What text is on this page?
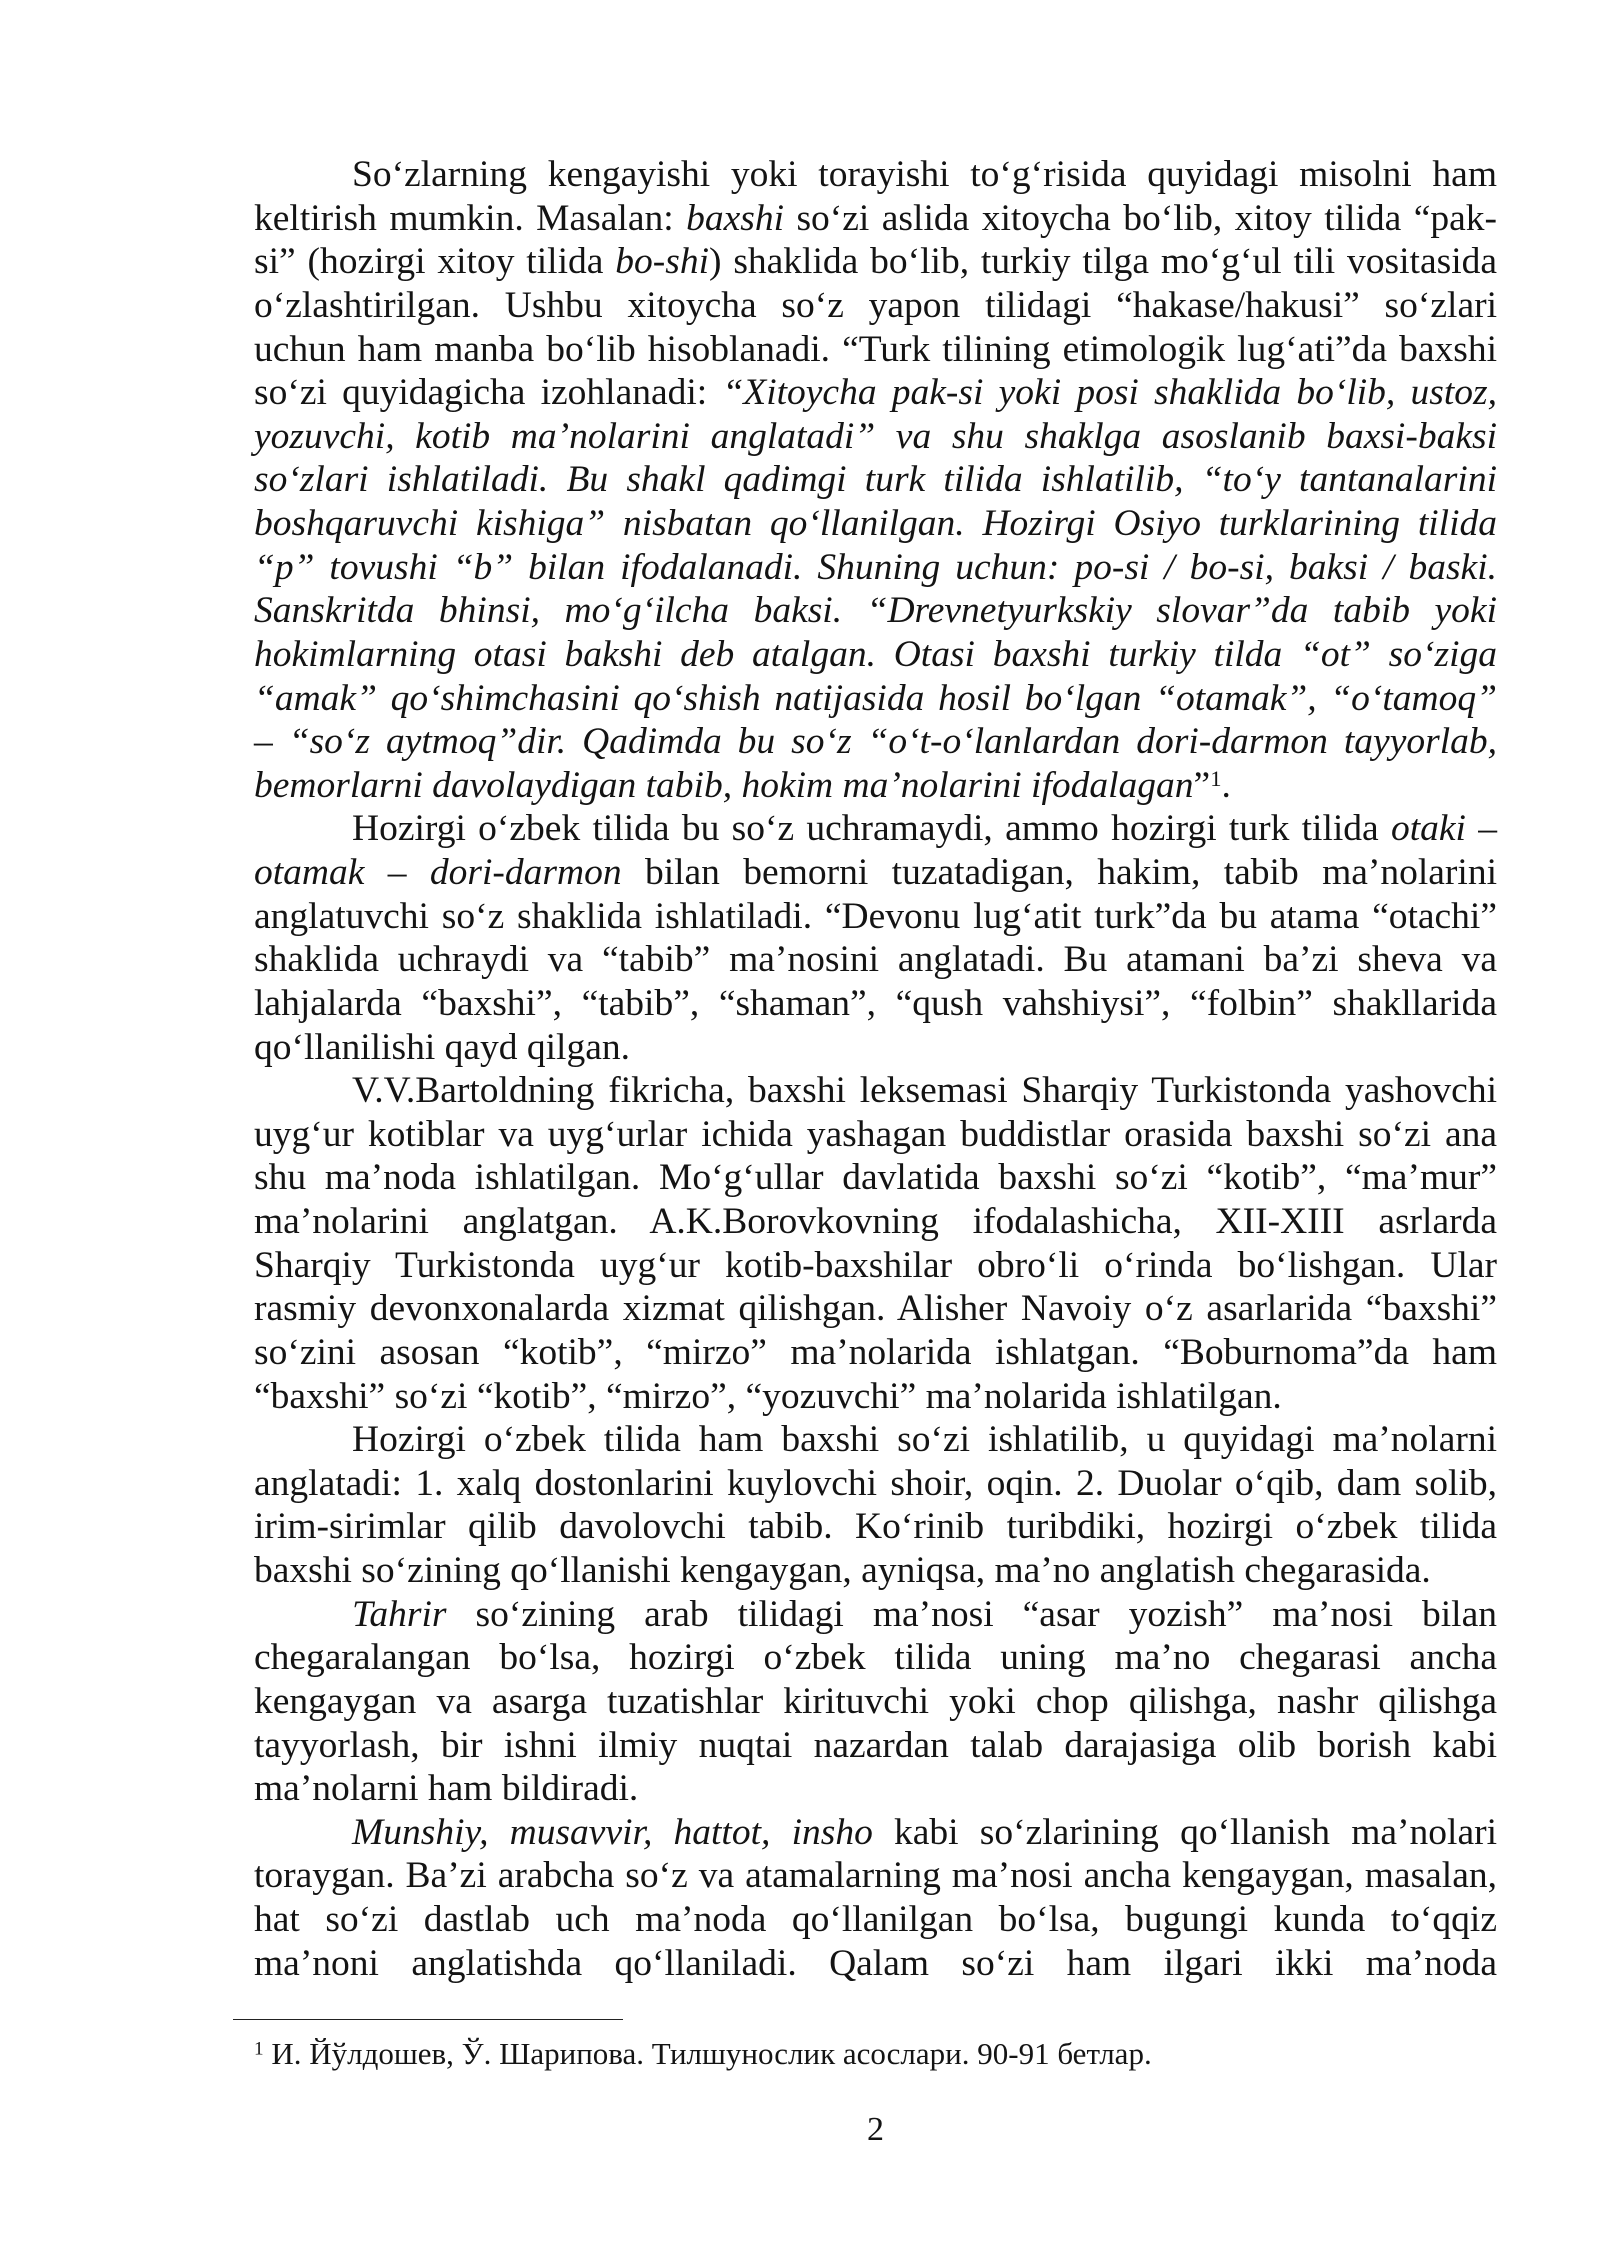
So‘zlarning kengayishi yoki torayishi to‘g‘risida quyidagi misolni ham
keltirish mumkin. Masalan: baxshi so‘zi aslida xitoycha bo‘lib, xitoy tilida “pak-
si” (hozirgi xitoy tilida bo-shi) shaklida bo‘lib, turkiy tilga mo‘g‘ul tili vositasida
o‘zlashtirilgan. Ushbu xitoycha so‘z yapon tilidagi “hakase/hakusi” so‘zlari
uchun ham manba bo‘lib hisoblanadi. “Turk tilining etimologik lug‘ati”da baxshi
so‘zi quyidagicha izohlanadi: “Xitoycha pak-si yoki posi shaklida bo‘lib, ustoz,
yozuvchi, kotib ma’nolarini anglatadi” va shu shaklga asoslanib baxsi-baksi
so‘zlari ishlatiladi. Bu shakl qadimgi turk tilida ishlatilib, “to‘y tantanalarini
boshqaruvchi kishiga” nisbatan qo‘llanilgan. Hozirgi Osiyo turklarining tilida
“p” tovushi “b” bilan ifodalanadi. Shuning uchun: po-si / bo-si, baksi / baski.
Sanskritda bhinsi, mo‘g‘ilcha baksi. “Drevnetyurkskiy slovar”da tabib yoki
hokimlarning otasi bakshi deb atalgan. Otasi baxshi turkiy tilda “ot” so‘ziga
“amak” qo‘shimchasini qo‘shish natijasida hosil bo‘lgan “otamak”, “o‘tamoq”
– “so‘z aytmoq”dir. Qadimda bu so‘z “o‘t-o‘lanlardan dori-darmon tayyorlab,
bemorlarni davolaydigan tabib, hokim ma’nolarini ifodalagan”$^1$.
Hozirgi o‘zbek tilida bu so‘z uchramaydi, ammo hozirgi turk tilida otaki –
otamak – dori-darmon bilan bemorni tuzatadigan, hakim, tabib ma’nolarini
anglatuvchi so‘z shaklida ishlatiladi. “Devonu lug‘atit turk”da bu atama “otachi”
shaklida uchraydi va “tabib” ma’nosini anglatadi. Bu atamani ba’zi sheva va
lahjalarda “baxshi”, “tabib”, “shaman”, “qush vahshiysi”, “folbin” shakllarida
qo‘llanilishi qayd qilgan.
V.V.Bartoldning fikricha, baxshi leksemasi Sharqiy Turkistonda yashovchi
uyg‘ur kotiblar va uyg‘urlar ichida yashagan buddistlar orasida baxshi so‘zi ana
shu ma’noda ishlatilgan. Mo‘g‘ullar davlatida baxshi so‘zi “kotib”, “ma’mur”
ma’nolarini anglatgan. A.K.Borovkovning ifodalashicha, XII-XIII asrlarda
Sharqiy Turkistonda uyg‘ur kotib-baxshilar obro‘li o‘rinda bo‘lishgan. Ular
rasmiy devonxonalarda xizmat qilishgan. Alisher Navoiy o‘z asarlarida “baxshi”
so‘zini asosan “kotib”, “mirzo” ma’nolarida ishlatgan. “Boburnoma”da ham
“baxshi” so‘zi “kotib”, “mirzo”, “yozuvchi” ma’nolarida ishlatilgan.
Hozirgi o‘zbek tilida ham baxshi so‘zi ishlatilib, u quyidagi ma’nolarni
anglatadi: 1. xalq dostonlarini kuylovchi shoir, oqin. 2. Duolar o‘qib, dam solib,
irim-sirimlar qilib davolovchi tabib. Ko‘rinib turibdiki, hozirgi o‘zbek tilida
baxshi so‘zining qo‘llanishi kengaygan, ayniqsa, ma’no anglatish chegarasida.
Tahrir so‘zining arab tilidagi ma’nosi “asar yozish” ma’nosi bilan
chegaralangan bo‘lsa, hozirgi o‘zbek tilida uning ma’no chegarasi ancha
kengaygan va asarga tuzatishlar kirituvchi yoki chop qilishga, nashr qilishga
tayyorlash, bir ishni ilmiy nuqtai nazardan talab darajasiga olib borish kabi
ma’nolarni ham bildiradi.
Munshiy, musavvir, hattot, insho kabi so‘zlarining qo‘llanish ma’nolari
toraygan. Ba’zi arabcha so‘z va atamalarning ma’nosi ancha kengaygan, masalan,
hat so‘zi dastlab uch ma’noda qo‘llanilgan bo‘lsa, bugungi kunda to‘qqiz
ma’noni anglatishda qo‘llaniladi. Qalam so‘zi ham ilgari ikki ma’noda
$^1$ И. Йўлдошев, Ў. Шарипова. Тилшунослик асослари. 90-91 бетлар.
2
